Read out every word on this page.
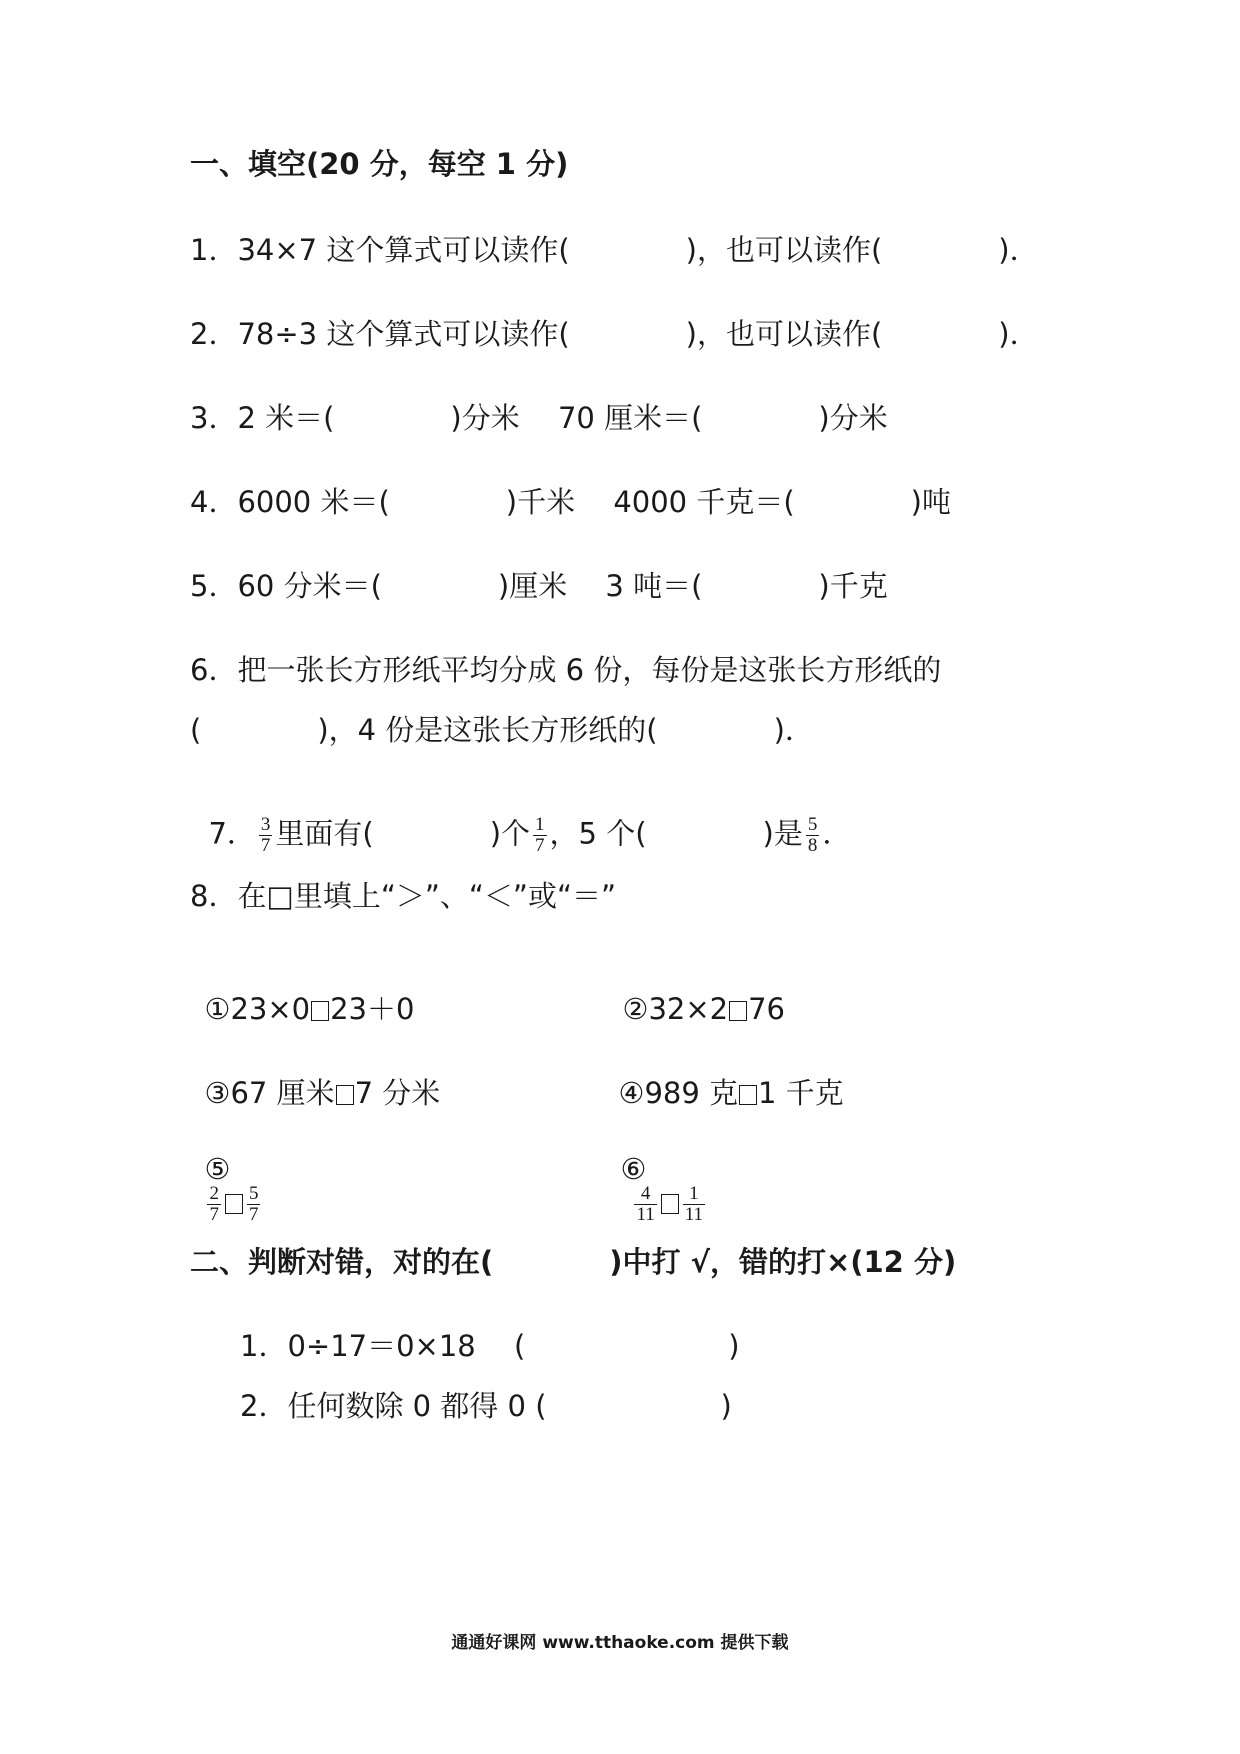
一、填空(20 分，每空 1 分)
1．34×7 这个算式可以读作(　　　　)，也可以读作(　　　　)．
2．78÷3 这个算式可以读作(　　　　)，也可以读作(　　　　)．
3．2 米＝(　　　　)分米　 70 厘米＝(　　　　)分米
4．6000 米＝(　　　　)千米　 4000 千克＝(　　　　)吨
5．60 分米＝(　　　　)厘米　 3 吨＝(　　　　)千克
6．把一张长方形纸平均分成 6 份，每份是这张长方形纸的
(　　　　)，4 份是这张长方形纸的(　　　　)．

7． $\frac{3}{7}$ 里面有(　　　　)个 $\frac{1}{7}$ ，5 个(　　　　)是 $\frac{5}{8}$ ．

8．在□里填上“＞”、“＜”或“＝”

①23×0 23＋0	②32×2 76

③67 厘米 7 分米	④989 克 1 千克

⑤

$\frac{2}{7} \frac{5}{7}$

⑥

$\frac{4}{11} \frac{1}{11}$

二、判断对错，对的在(　　　　)中打 √，错的打×(12 分)
1．0÷17＝0×18　 (　　　　　　　)
2．任何数除 0 都得 0 (　　　　　　)
通通好课网 www.tthaoke.com 提供下载
